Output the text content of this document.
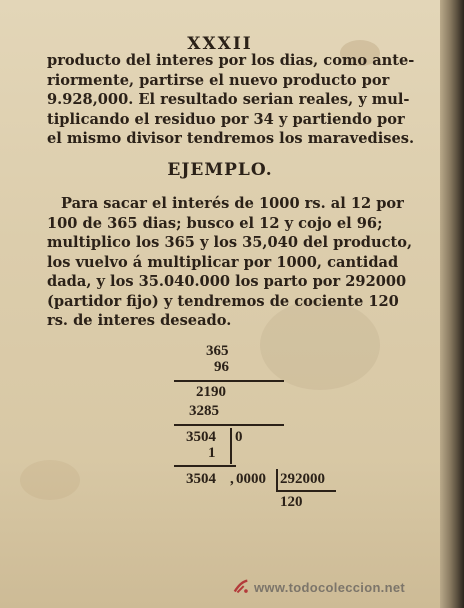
XXXII

producto del interes por los dias, como ante-

riormente, partirse el nuevo producto por

9.928,000. El resultado serian reales, y mul-

tiplicando el residuo por 34 y partiendo por

el mismo divisor tendremos los maravedises.

EJEMPLO.

Para sacar el interés de 1000 rs. al 12 por

100 de 365 dias; busco el 12 y cojo el 96;

multiplico los 365 y los 35,040 del producto,

los vuelvo á multiplicar por 1000, cantidad

dada, y los 35.040.000 los parto por 292000

(partidor fijo) y tendremos de cociente 120

rs. de interes deseado.

365
96
2190
3285
3504 0
1
3504 , 0000 292000
120
www.todocoleccion.net
